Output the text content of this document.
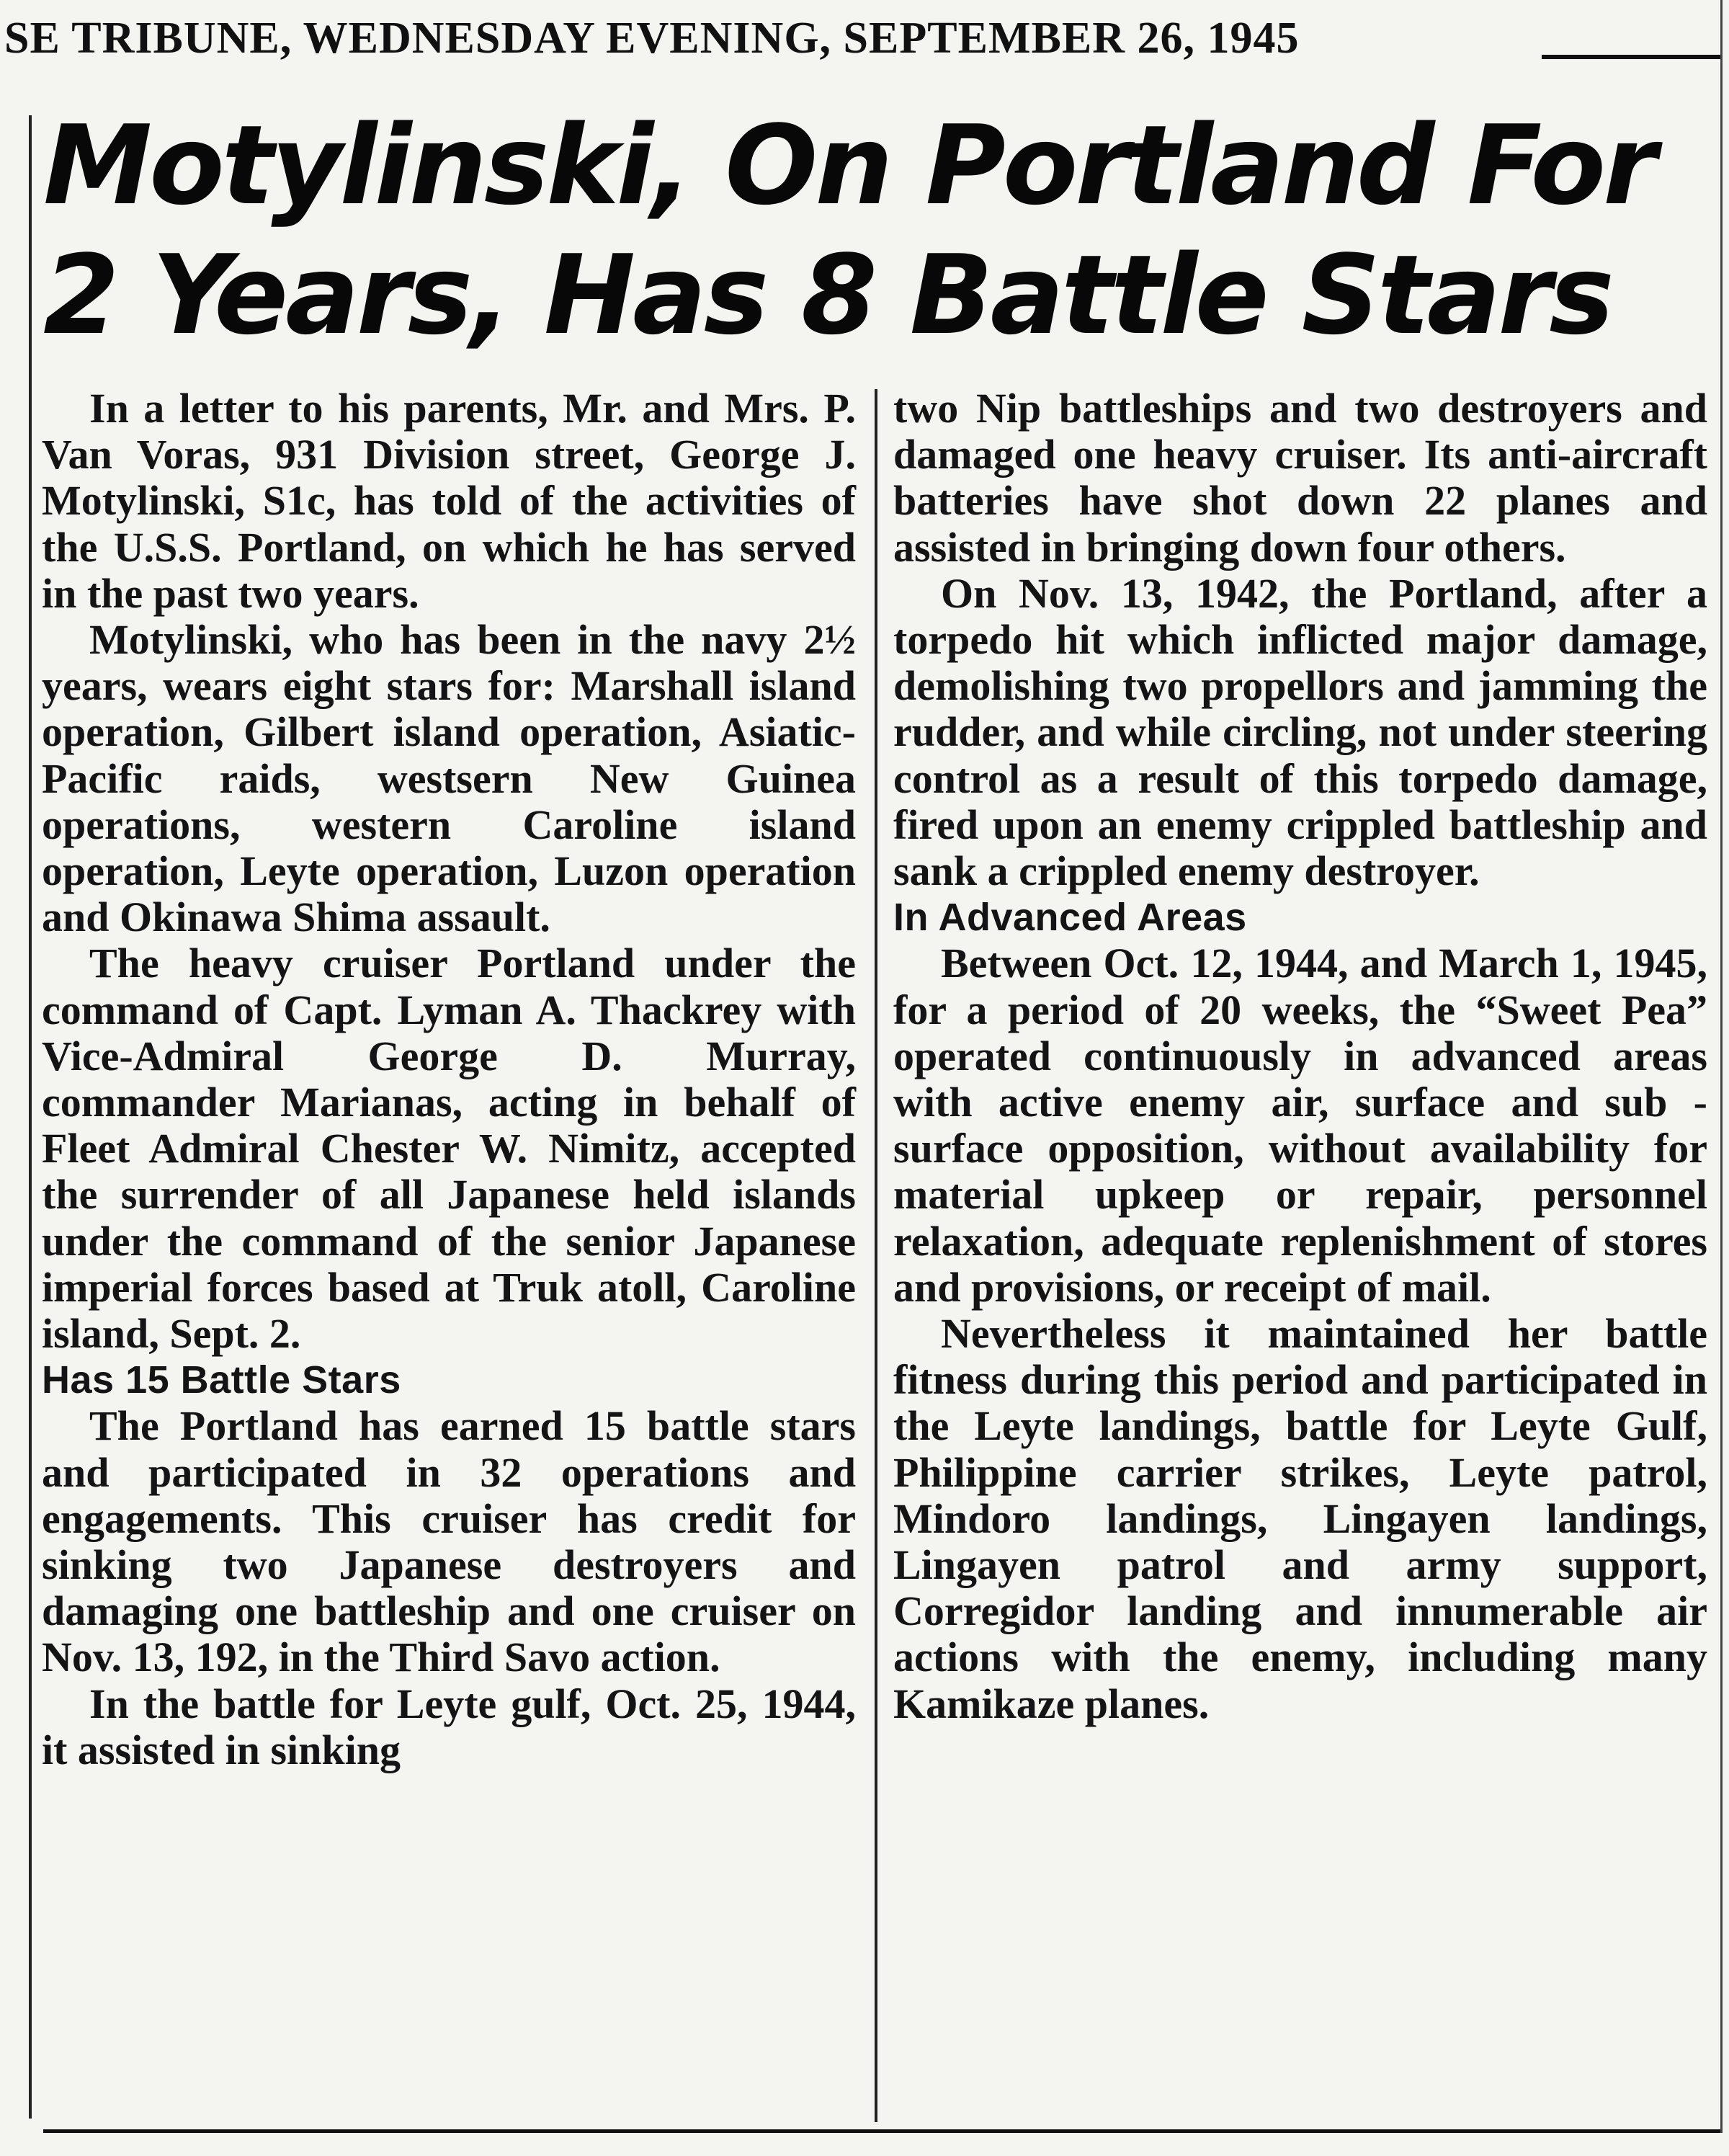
SE TRIBUNE, WEDNESDAY EVENING, SEPTEMBER 26, 1945
Motylinski, On Portland For
2 Years, Has 8 Battle Stars

In a letter to his parents, Mr. and Mrs. P. Van Voras, 931 Division street, George J. Motylinski, S1c, has told of the activities of the U.S.S. Portland, on which he has served in the past two years.

Motylinski, who has been in the navy 2½ years, wears eight stars for: Marshall island operation, Gilbert island operation, Asiatic-Pacific raids, westsern New Guinea operations, western Caroline island operation, Leyte operation, Luzon operation and Okinawa Shima assault.

The heavy cruiser Portland under the command of Capt. Lyman A. Thackrey with Vice-Admiral George D. Murray, commander Marianas, acting in behalf of Fleet Admiral Chester W. Nimitz, accepted the surrender of all Japanese held islands under the command of the senior Japanese imperial forces based at Truk atoll, Caroline island, Sept. 2.

Has 15 Battle Stars

The Portland has earned 15 battle stars and participated in 32 operations and engagements. This cruiser has credit for sinking two Japanese destroyers and damaging one battleship and one cruiser on Nov. 13, 192, in the Third Savo action.

In the battle for Leyte gulf, Oct. 25, 1944, it assisted in sinking

two Nip battleships and two destroyers and damaged one heavy cruiser. Its anti-aircraft batteries have shot down 22 planes and assisted in bringing down four others.

On Nov. 13, 1942, the Portland, after a torpedo hit which inflicted major damage, demolishing two propellors and jamming the rudder, and while circling, not under steering control as a result of this torpedo damage, fired upon an enemy crippled battleship and sank a crippled enemy destroyer.

In Advanced Areas

Between Oct. 12, 1944, and March 1, 1945, for a period of 20 weeks, the “Sweet Pea” operated continuously in advanced areas with active enemy air, surface and sub - surface opposition, without availability for material upkeep or repair, personnel relaxation, adequate replenishment of stores and provisions, or receipt of mail.

Nevertheless it maintained her battle fitness during this period and participated in the Leyte landings, battle for Leyte Gulf, Philippine carrier strikes, Leyte patrol, Mindoro landings, Lingayen landings, Lingayen patrol and army support, Corregidor landing and innumerable air actions with the enemy, including many Kamikaze planes.
